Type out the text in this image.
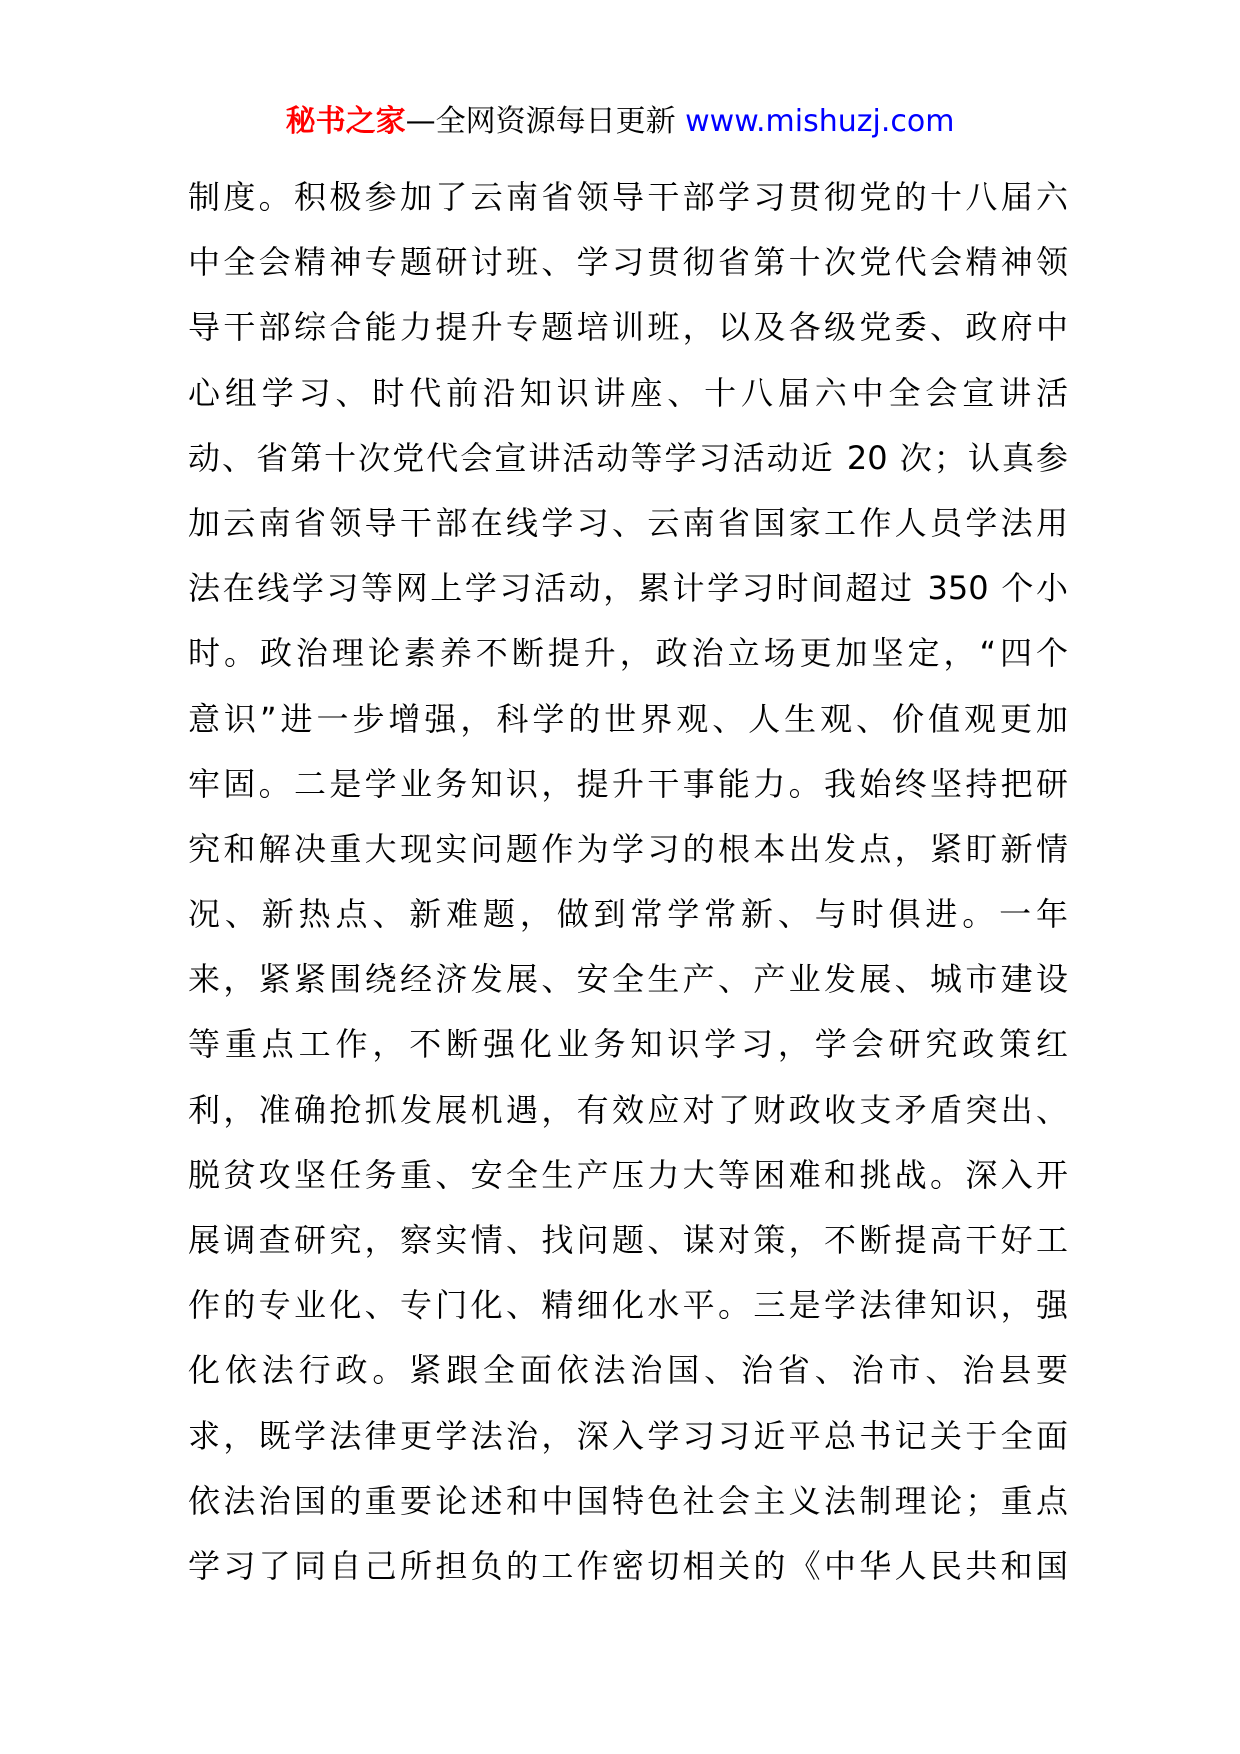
秘书之家—全网资源每日更新 www.mishuzj.com
制度。积极参加了云南省领导干部学习贯彻党的十八届六
中全会精神专题研讨班、学习贯彻省第十次党代会精神领
导干部综合能力提升专题培训班，以及各级党委、政府中
心组学习、时代前沿知识讲座、十八届六中全会宣讲活
动、省第十次党代会宣讲活动等学习活动近 20 次；认真参
加云南省领导干部在线学习、云南省国家工作人员学法用
法在线学习等网上学习活动，累计学习时间超过 350 个小
时。政治理论素养不断提升，政治立场更加坚定，“四个
意识”进一步增强，科学的世界观、人生观、价值观更加
牢固。二是学业务知识，提升干事能力。我始终坚持把研
究和解决重大现实问题作为学习的根本出发点，紧盯新情
况、新热点、新难题，做到常学常新、与时俱进。一年
来，紧紧围绕经济发展、安全生产、产业发展、城市建设
等重点工作，不断强化业务知识学习，学会研究政策红
利，准确抢抓发展机遇，有效应对了财政收支矛盾突出、
脱贫攻坚任务重、安全生产压力大等困难和挑战。深入开
展调查研究，察实情、找问题、谋对策，不断提高干好工
作的专业化、专门化、精细化水平。三是学法律知识，强
化依法行政。紧跟全面依法治国、治省、治市、治县要
求，既学法律更学法治，深入学习习近平总书记关于全面
依法治国的重要论述和中国特色社会主义法制理论；重点
学习了同自己所担负的工作密切相关的《中华人民共和国
